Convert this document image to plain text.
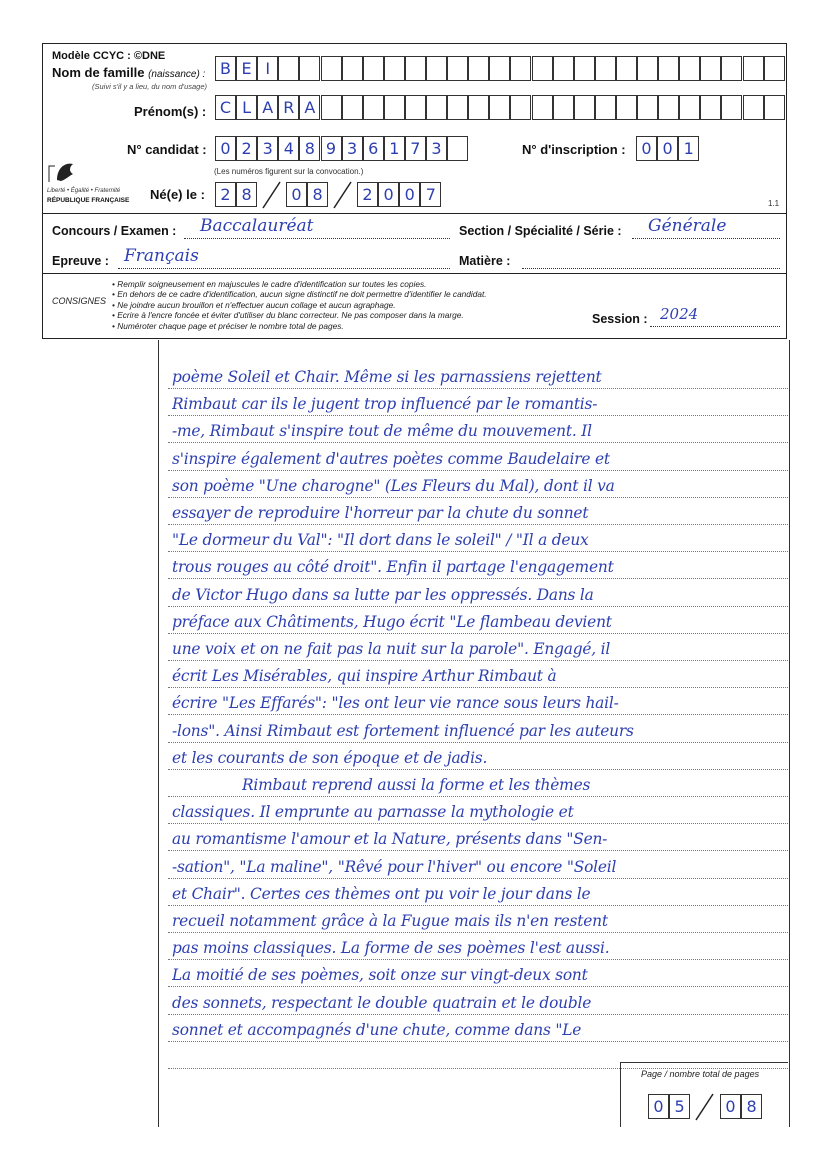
Modèle CCYC : ©DNE
Nom de famille (naissance) :
(Suivi s'il y a lieu, du nom d'usage)
B E I
Prénom(s) : C L A R A
N° candidat : 0 2 3 4 8 9 3 6 1 7 3
(Les numéros figurent sur la convocation.)
N° d'inscription : 0 0 1
Liberté • Égalité • Fraternité
RÉPUBLIQUE FRANÇAISE Né(e) le : 2 8	0 8	2 0 0 7	1.1
Concours / Examen : Baccalauréat	Section / Spécialité / Série : Générale
Epreuve : Français	Matière :
CONSIGNES
• Remplir soigneusement en majuscules le cadre d'identification sur toutes les copies.
• En dehors de ce cadre d'identification, aucun signe distinctif ne doit permettre d'identifier le candidat.
• Ne joindre aucun brouillon et n'effectuer aucun collage et aucun agraphage.
• Ecrire à l'encre foncée et éviter d'utiliser du blanc correcteur. Ne pas composer dans la marge.
• Numéroter chaque page et préciser le nombre total de pages.	Session : 2024
poème Soleil et Chair. Même si les parnassiens rejettent
Rimbaut car ils le jugent trop influencé par le romantis-
-me, Rimbaut s'inspire tout de même du mouvement. Il
s'inspire également d'autres poètes comme Baudelaire et
son poème "Une charogne" (Les Fleurs du Mal), dont il va
essayer de reproduire l'horreur par la chute du sonnet
"Le dormeur du Val": "Il dort dans le soleil" / "Il a deux
trous rouges au côté droit". Enfin il partage l'engagement
de Victor Hugo dans sa lutte par les oppressés. Dans la
préface aux Châtiments, Hugo écrit "Le flambeau devient
une voix et on ne fait pas la nuit sur la parole". Engagé, il
écrit Les Misérables, qui inspire Arthur Rimbaut à
écrire "Les Effarés": "les ont leur vie rance sous leurs hail-
-lons". Ainsi Rimbaut est fortement influencé par les auteurs
et les courants de son époque et de jadis.
Rimbaut reprend aussi la forme et les thèmes
classiques. Il emprunte au parnasse la mythologie et
au romantisme l'amour et la Nature, présents dans "Sen-
-sation", "La maline", "Rêvé pour l'hiver" ou encore "Soleil
et Chair". Certes ces thèmes ont pu voir le jour dans le
recueil notamment grâce à la Fugue mais ils n'en restent
pas moins classiques. La forme de ses poèmes l'est aussi.
La moitié de ses poèmes, soit onze sur vingt-deux sont
des sonnets, respectant le double quatrain et le double
sonnet et accompagnés d'une chute, comme dans "Le
Page / nombre total de pages
0 5	0 8
